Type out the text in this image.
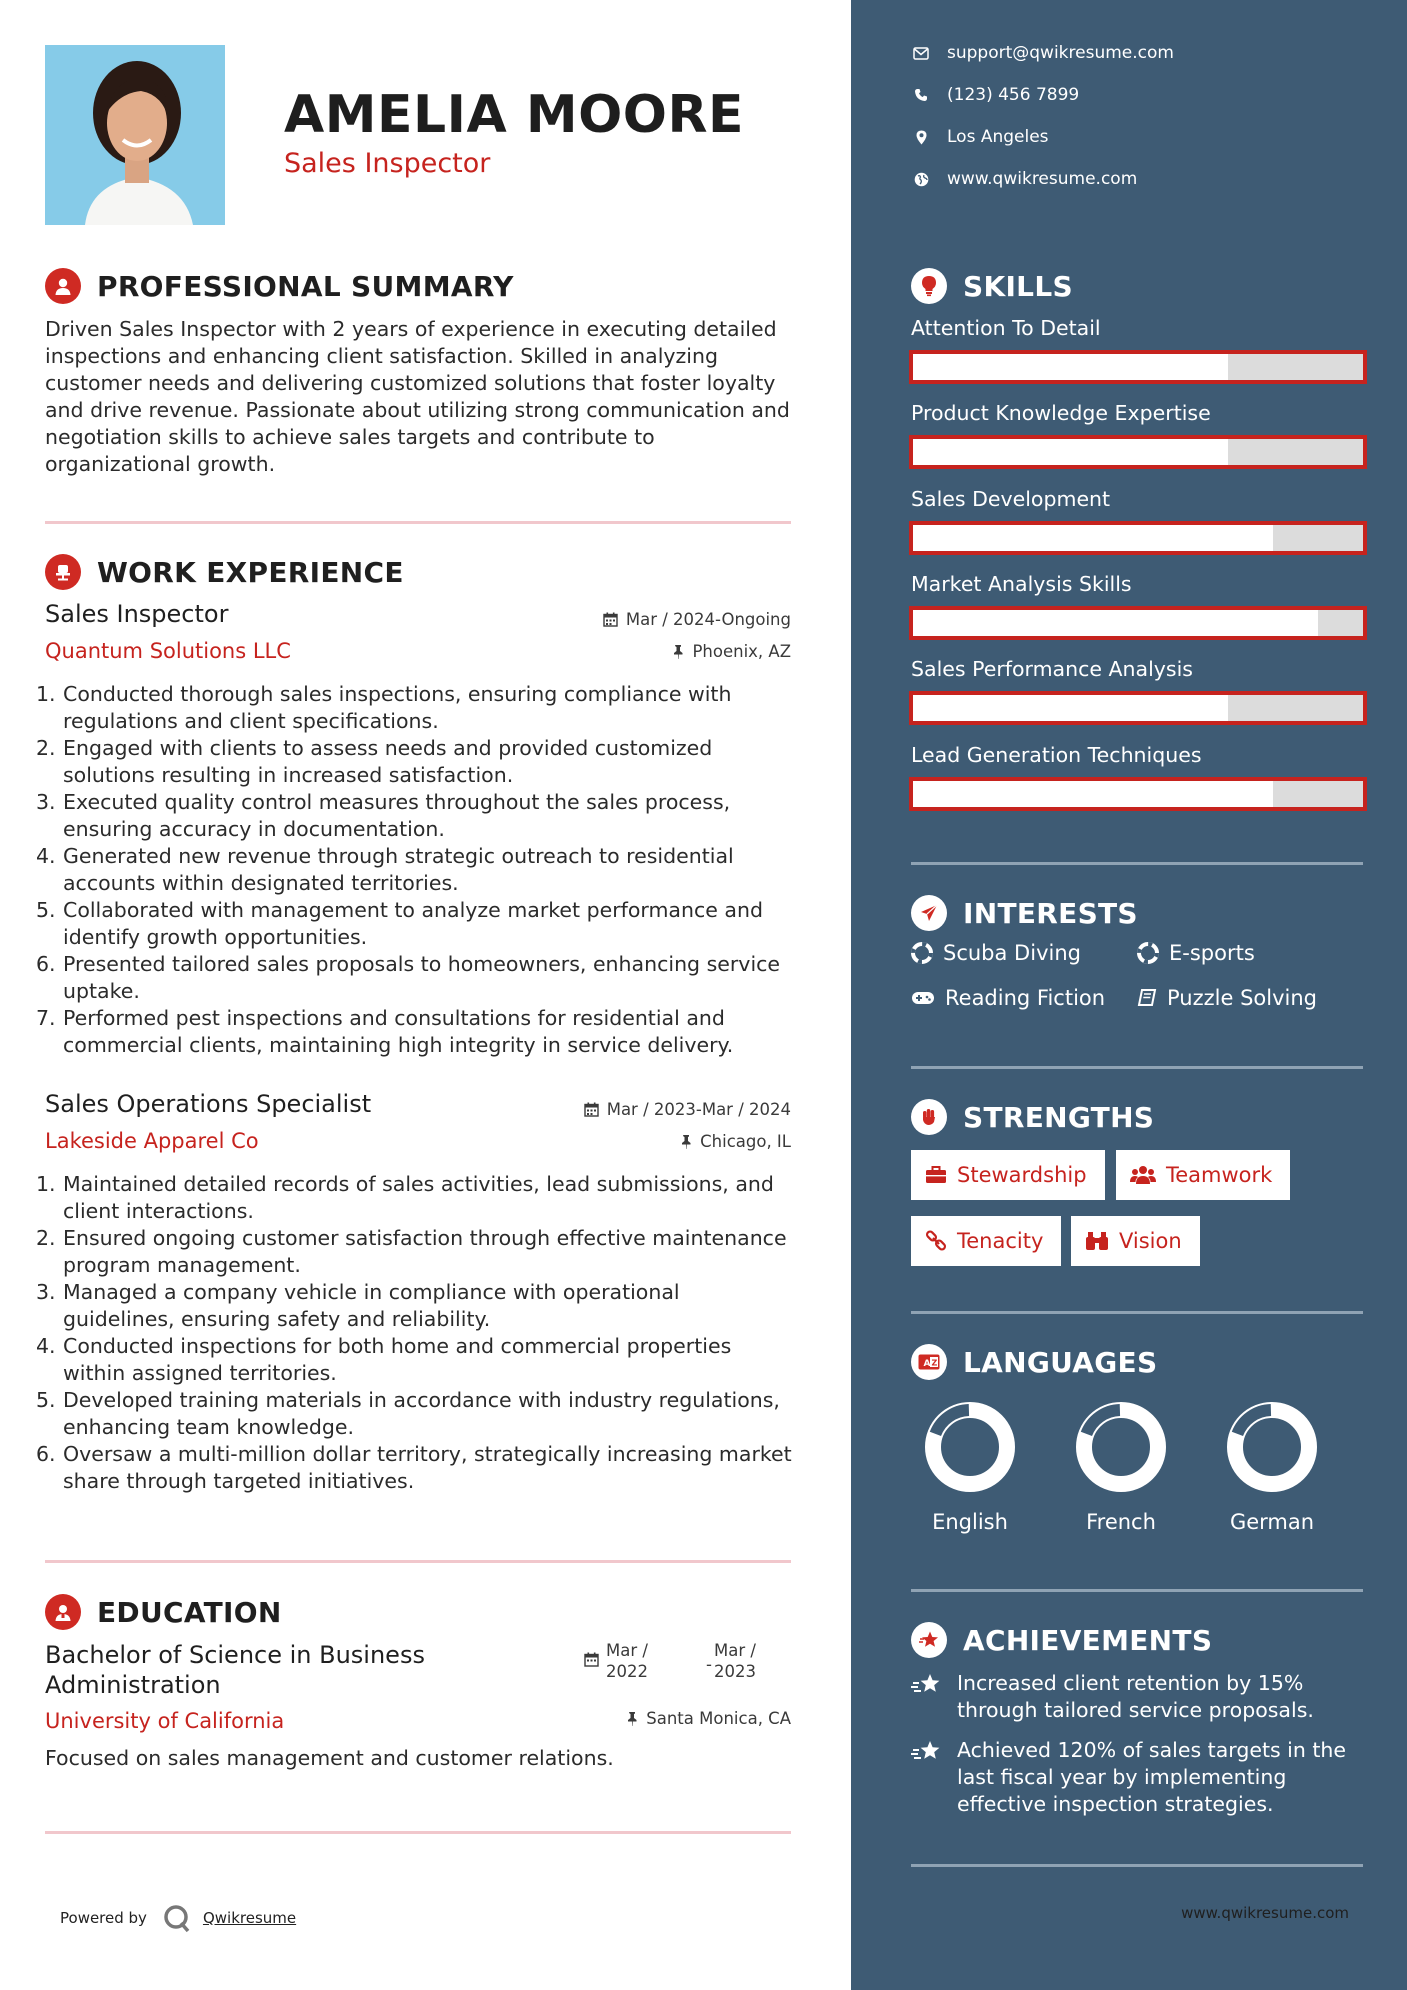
AMELIA MOORE
Sales Inspector
PROFESSIONAL SUMMARY
Driven Sales Inspector with 2 years of experience in executing detailed inspections and enhancing client satisfaction. Skilled in analyzing customer needs and delivering customized solutions that foster loyalty and drive revenue. Passionate about utilizing strong communication and negotiation skills to achieve sales targets and contribute to organizational growth.
WORK EXPERIENCE
Sales Inspector
Quantum Solutions LLC
Mar / 2024-Ongoing
Phoenix, AZ
1. Conducted thorough sales inspections, ensuring compliance with regulations and client specifications.
2. Engaged with clients to assess needs and provided customized solutions resulting in increased satisfaction.
3. Executed quality control measures throughout the sales process, ensuring accuracy in documentation.
4. Generated new revenue through strategic outreach to residential accounts within designated territories.
5. Collaborated with management to analyze market performance and identify growth opportunities.
6. Presented tailored sales proposals to homeowners, enhancing service uptake.
7. Performed pest inspections and consultations for residential and commercial clients, maintaining high integrity in service delivery.
Sales Operations Specialist
Lakeside Apparel Co
Mar / 2023-Mar / 2024
Chicago, IL
1. Maintained detailed records of sales activities, lead submissions, and client interactions.
2. Ensured ongoing customer satisfaction through effective maintenance program management.
3. Managed a company vehicle in compliance with operational guidelines, ensuring safety and reliability.
4. Conducted inspections for both home and commercial properties within assigned territories.
5. Developed training materials in accordance with industry regulations, enhancing team knowledge.
6. Oversaw a multi-million dollar territory, strategically increasing market share through targeted initiatives.
EDUCATION
Bachelor of Science in Business Administration
Mar / 2022	-
Mar / 2023
University of California	Santa Monica, CA
Focused on sales management and customer relations.
Powered by	Qwikresume
support@qwikresume.com
(123) 456 7899
Los Angeles
www.qwikresume.com
SKILLS
Attention To Detail
Product Knowledge Expertise
Sales Development
Market Analysis Skills
Sales Performance Analysis
Lead Generation Techniques
INTERESTS
Scuba Diving	E-sports
Reading Fiction	Puzzle Solving
STRENGTHS
Stewardship	Teamwork
Tenacity	Vision
A Z LANGUAGES
English	French	German
ACHIEVEMENTS
Increased client retention by 15% through tailored service proposals.
Achieved 120% of sales targets in the last fiscal year by implementing effective inspection strategies.
www.qwikresume.com
